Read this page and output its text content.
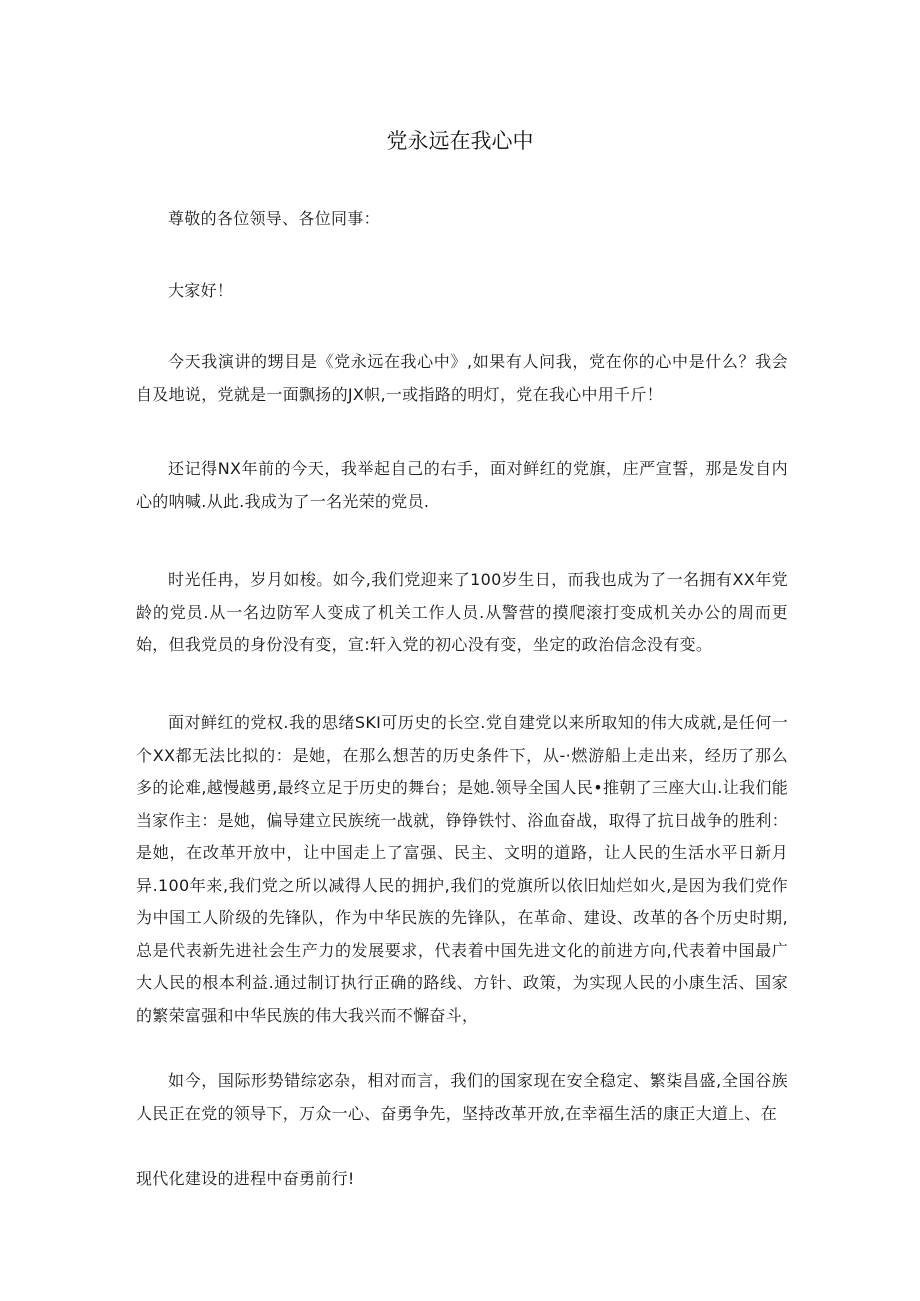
党永远在我心中

尊敬的各位领导、各位同事：

大家好！

今天我演讲的甥目是《党永远在我心中》,如果有人问我，党在你的心中是什么？我会自及地说，党就是一面飘扬的JX帜,一或指路的明灯，党在我心中用千斤！

还记得NX年前的今天，我举起自己的右手，面对鲜红的党旗，庄严宣誓，那是发自内心的呐喊.从此.我成为了一名光荣的党员.

时光任冉，岁月如梭。如今,我们党迎来了100岁生日，而我也成为了一名拥有XX年党龄的党员.从一名边防军人变成了机关工作人员.从警营的摸爬滚打变成机关办公的周而更始，但我党员的身份没有变，宣:轩入党的初心没有变，坐定的政治信念没有变。

面对鲜红的党权.我的思绪SKI可历史的长空.党自建党以来所取知的伟大成就,是任何一个XX都无法比拟的：是她，在那么想苦的历史条件下，从-·燃游船上走出来，经历了那么多的论难,越慢越勇,最终立足于历史的舞台；是她.领导全国人民•推朝了三座大山.让我们能当家作主：是她，偏导建立民族统一战就，铮铮铁忖、浴血奋战，取得了抗日战争的胜利：是她，在改革开放中，让中国走上了富强、民主、文明的道路，让人民的生活水平日新月异.100年来,我们党之所以减得人民的拥护,我们的党旗所以依旧灿烂如火,是因为我们党作为中国工人阶级的先锋队，作为中华民族的先锋队，在革命、建设、改革的各个历史时期,总是代表新先进社会生产力的发展要求，代表着中国先进文化的前进方向,代表着中国最广大人民的根本利益.通过制订执行正确的路线、方针、政策，为实现人民的小康生活、国家的繁荣富强和中华民族的伟大我兴而不懈奋斗，

如今，国际形势错综宓杂，相对而言，我们的国家现在安全稳定、繁柒昌盛,全国谷族人民正在党的领导下，万众一心、奋勇争先，坚持改革开放,在幸福生活的康正大道上、在

现代化建设的进程中奋勇前行!
